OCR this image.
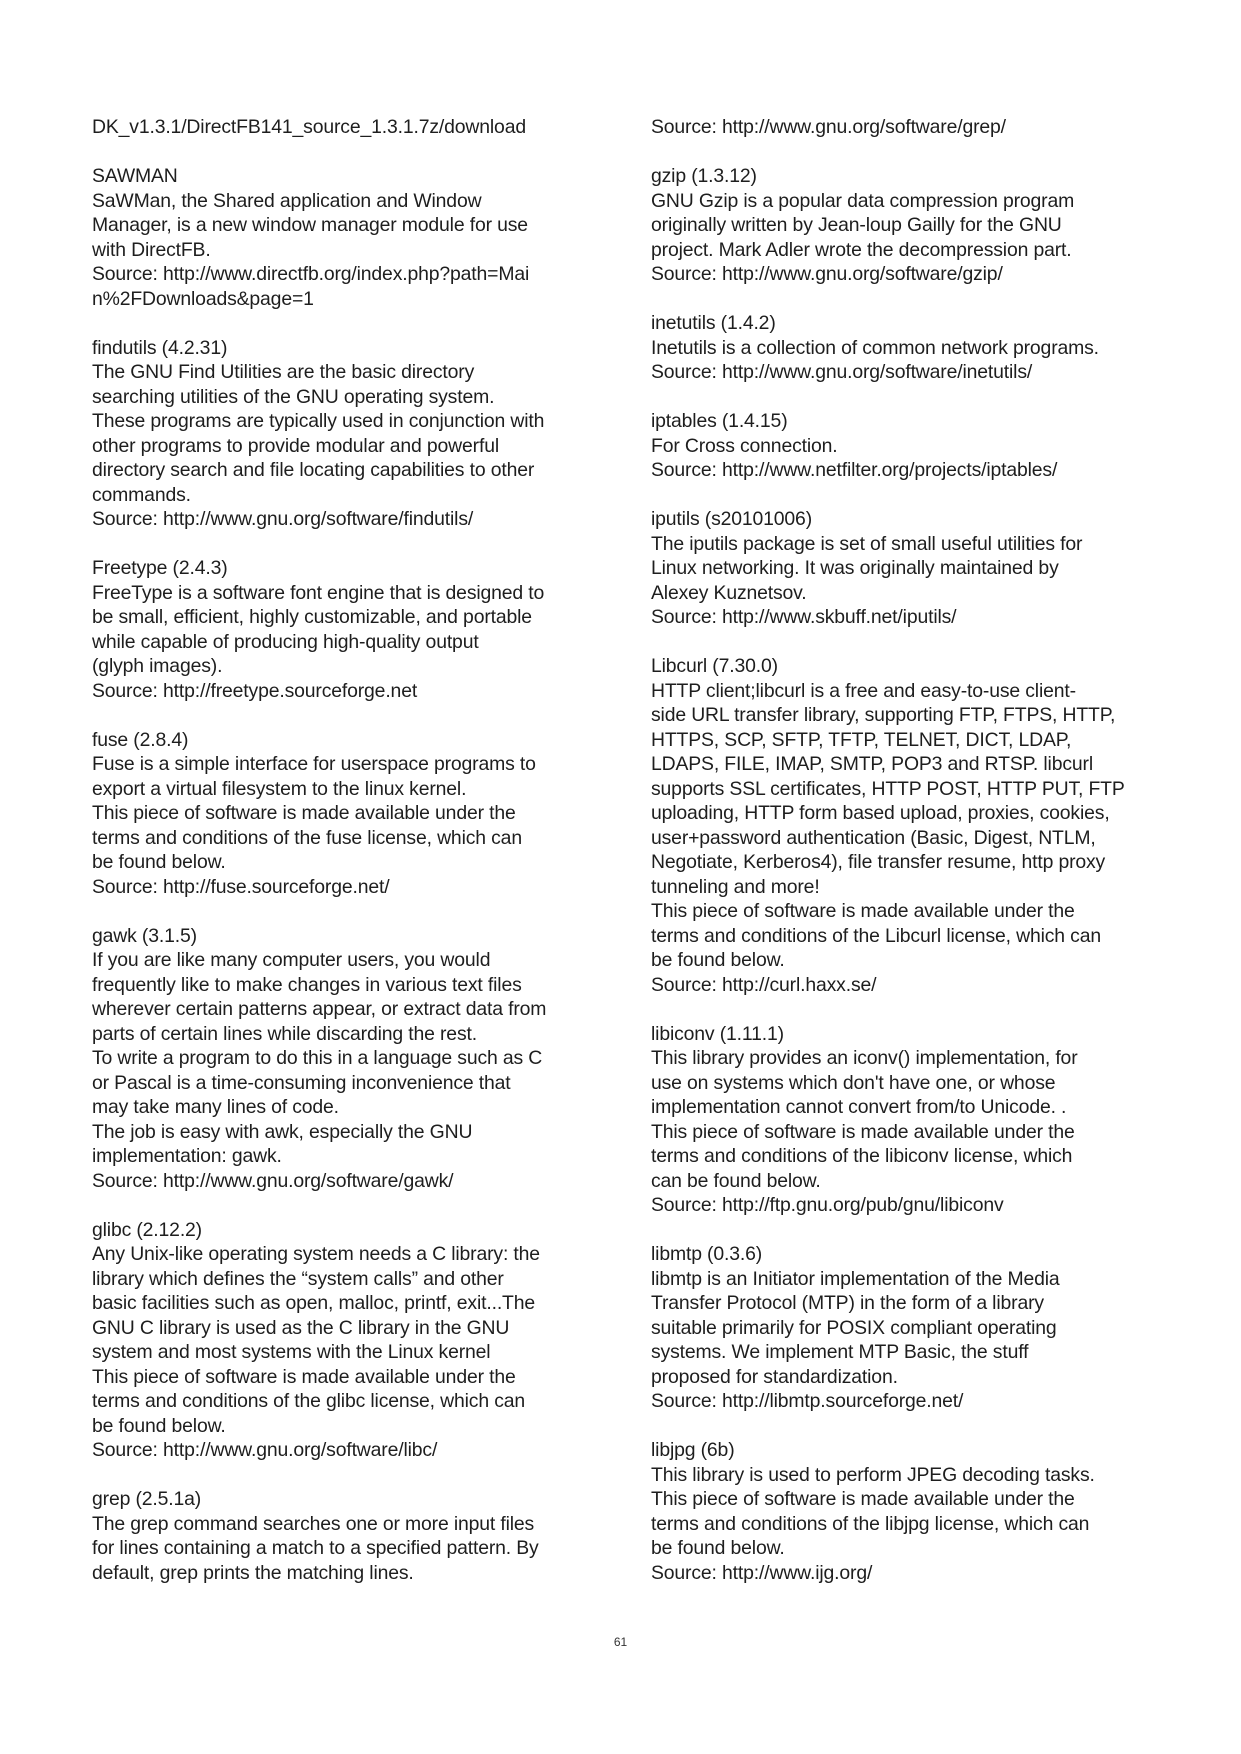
DK_v1.3.1/DirectFB141_source_1.3.1.7z/download
SAWMAN
SaWMan, the Shared application and Window
Manager, is a new window manager module for use
with DirectFB.
Source: http://www.directfb.org/index.php?path=Mai
n%2FDownloads&page=1
findutils (4.2.31)
The GNU Find Utilities are the basic directory
searching utilities of the GNU operating system.
These programs are typically used in conjunction with
other programs to provide modular and powerful
directory search and file locating capabilities to other
commands.
Source: http://www.gnu.org/software/findutils/
Freetype (2.4.3)
FreeType is a software font engine that is designed to
be small, efficient, highly customizable, and portable
while capable of producing high-quality output
(glyph images).
Source: http://freetype.sourceforge.net
fuse (2.8.4)
Fuse is a simple interface for userspace programs to
export a virtual filesystem to the linux kernel.
This piece of software is made available under the
terms and conditions of the fuse license, which can
be found below.
Source: http://fuse.sourceforge.net/
gawk (3.1.5)
If you are like many computer users, you would
frequently like to make changes in various text files
wherever certain patterns appear, or extract data from
parts of certain lines while discarding the rest.
To write a program to do this in a language such as C
or Pascal is a time-consuming inconvenience that
may take many lines of code.
The job is easy with awk, especially the GNU
implementation: gawk.
Source: http://www.gnu.org/software/gawk/
glibc (2.12.2)
Any Unix-like operating system needs a C library: the
library which defines the “system calls” and other
basic facilities such as open, malloc, printf, exit...The
GNU C library is used as the C library in the GNU
system and most systems with the Linux kernel
This piece of software is made available under the
terms and conditions of the glibc license, which can
be found below.
Source: http://www.gnu.org/software/libc/
grep (2.5.1a)
The grep command searches one or more input files
for lines containing a match to a specified pattern. By
default, grep prints the matching lines.
Source: http://www.gnu.org/software/grep/
gzip (1.3.12)
GNU Gzip is a popular data compression program
originally written by Jean-loup Gailly for the GNU
project. Mark Adler wrote the decompression part.
Source: http://www.gnu.org/software/gzip/
inetutils (1.4.2)
Inetutils is a collection of common network programs.
Source: http://www.gnu.org/software/inetutils/
iptables (1.4.15)
For Cross connection.
Source: http://www.netfilter.org/projects/iptables/
iputils (s20101006)
The iputils package is set of small useful utilities for
Linux networking. It was originally maintained by
Alexey Kuznetsov.
Source: http://www.skbuff.net/iputils/
Libcurl (7.30.0)
HTTP client;libcurl is a free and easy-to-use client-
side URL transfer library, supporting FTP, FTPS, HTTP,
HTTPS, SCP, SFTP, TFTP, TELNET, DICT, LDAP,
LDAPS, FILE, IMAP, SMTP, POP3 and RTSP. libcurl
supports SSL certificates, HTTP POST, HTTP PUT, FTP
uploading, HTTP form based upload, proxies, cookies,
user+password authentication (Basic, Digest, NTLM,
Negotiate, Kerberos4), file transfer resume, http proxy
tunneling and more!
This piece of software is made available under the
terms and conditions of the Libcurl license, which can
be found below.
Source: http://curl.haxx.se/
libiconv (1.11.1)
This library provides an iconv() implementation, for
use on systems which don't have one, or whose
implementation cannot convert from/to Unicode. .
This piece of software is made available under the
terms and conditions of the libiconv license, which
can be found below.
Source: http://ftp.gnu.org/pub/gnu/libiconv
libmtp (0.3.6)
libmtp is an Initiator implementation of the Media
Transfer Protocol (MTP) in the form of a library
suitable primarily for POSIX compliant operating
systems. We implement MTP Basic, the stuff
proposed for standardization.
Source: http://libmtp.sourceforge.net/
libjpg (6b)
This library is used to perform JPEG decoding tasks.
This piece of software is made available under the
terms and conditions of the libjpg license, which can
be found below.
Source: http://www.ijg.org/
61
